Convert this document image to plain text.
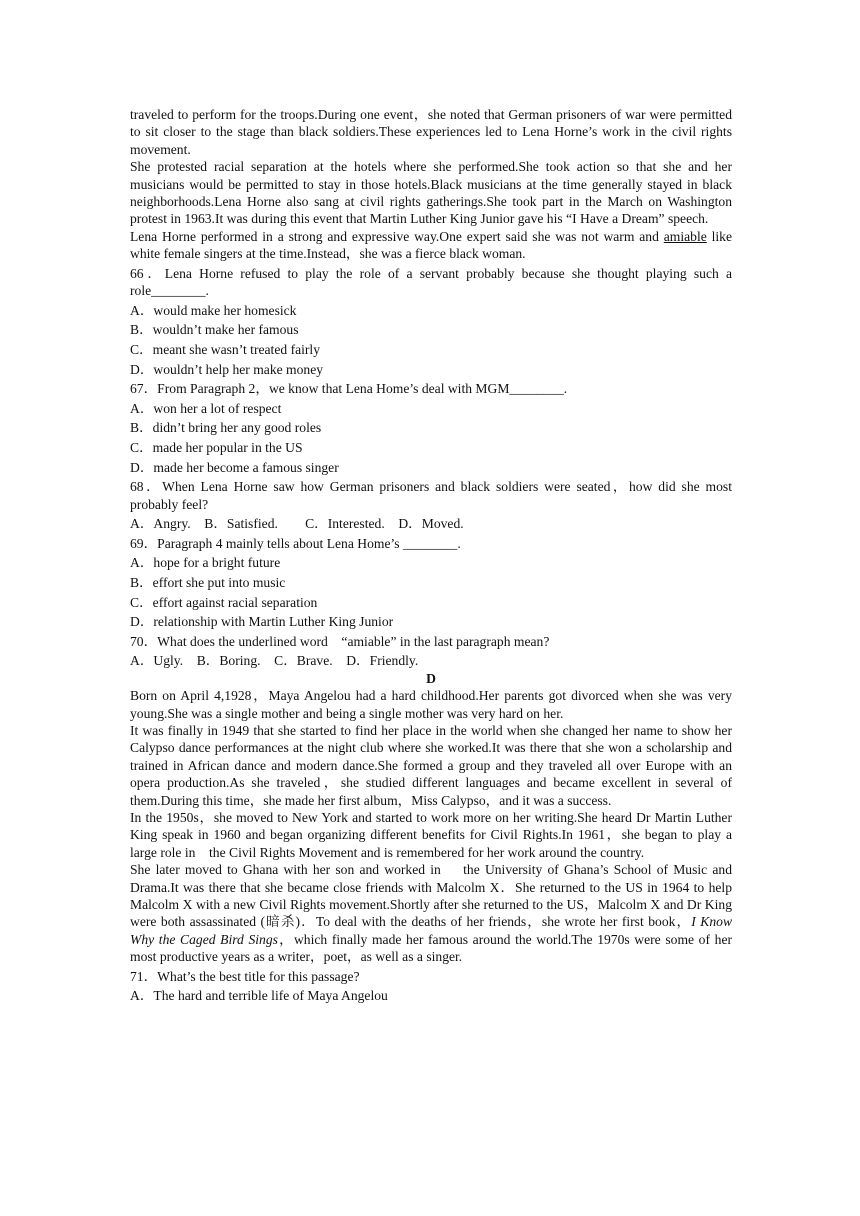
traveled to perform for the troops.During one event，she noted that German prisoners of war were permitted to sit closer to the stage than black soldiers.These experiences led to Lena Horne’s work in the civil rights movement.

She protested racial separation at the hotels where she performed.She took action so that she and her musicians would be permitted to stay in those hotels.Black musicians at the time generally stayed in black neighborhoods.Lena Horne also sang at civil rights gatherings.She took part in the March on Washington protest in 1963.It was during this event that Martin Luther King Junior gave his “I Have a Dream” speech.

Lena Horne performed in a strong and expressive way.One expert said she was not warm and amiable like white female singers at the time.Instead，she was a fierce black woman.

66．Lena Horne refused to play the role of a servant probably because she thought playing such a role________.

A．would make her homesick

B．wouldn’t make her famous

C．meant she wasn’t treated fairly

D．wouldn’t help her make money

67．From Paragraph 2，we know that Lena Home’s deal with MGM________.

A．won her a lot of respect

B．didn’t bring her any good roles

C．made her popular in the US

D．made her become a famous singer

68．When Lena Horne saw how German prisoners and black soldiers were seated，how did she most probably feel?

A．Angry.　B．Satisfied.　　C．Interested.　D．Moved.

69．Paragraph 4 mainly tells about Lena Home’s ________.

A．hope for a bright future

B．effort she put into music

C．effort against racial separation

D．relationship with Martin Luther King Junior

70．What does the underlined word　“amiable” in the last paragraph mean?

A．Ugly.　B．Boring.　C．Brave.　D．Friendly.

D

Born on April 4,1928，Maya Angelou had a hard childhood.Her parents got divorced when she was very young.She was a single mother and being a single mother was very hard on her.

It was finally in 1949 that she started to find her place in the world when she changed her name to show her Calypso dance performances at the night club where she worked.It was there that she won a scholarship and trained in African dance and modern dance.She formed a group and they traveled all over Europe with an opera production.As she traveled，she studied different languages and became excellent in several of them.During this time，she made her first album，Miss Calypso，and it was a success.

In the 1950s，she moved to New York and started to work more on her writing.She heard Dr Martin Luther King speak in 1960 and began organizing different benefits for Civil Rights.In 1961，she began to play a large role in　the Civil Rights Movement and is remembered for her work around the country.

She later moved to Ghana with her son and worked in　 the University of Ghana’s School of Music and Drama.It was there that she became close friends with Malcolm X．She returned to the US in 1964 to help Malcolm X with a new Civil Rights movement.Shortly after she returned to the US，Malcolm X and Dr King were both assassinated (暗杀)．To deal with the deaths of her friends，she wrote her first book，I Know Why the Caged Bird Sings，which finally made her famous around the world.The 1970s were some of her most productive years as a writer，poet，as well as a singer.

71．What’s the best title for this passage?

A．The hard and terrible life of Maya Angelou
